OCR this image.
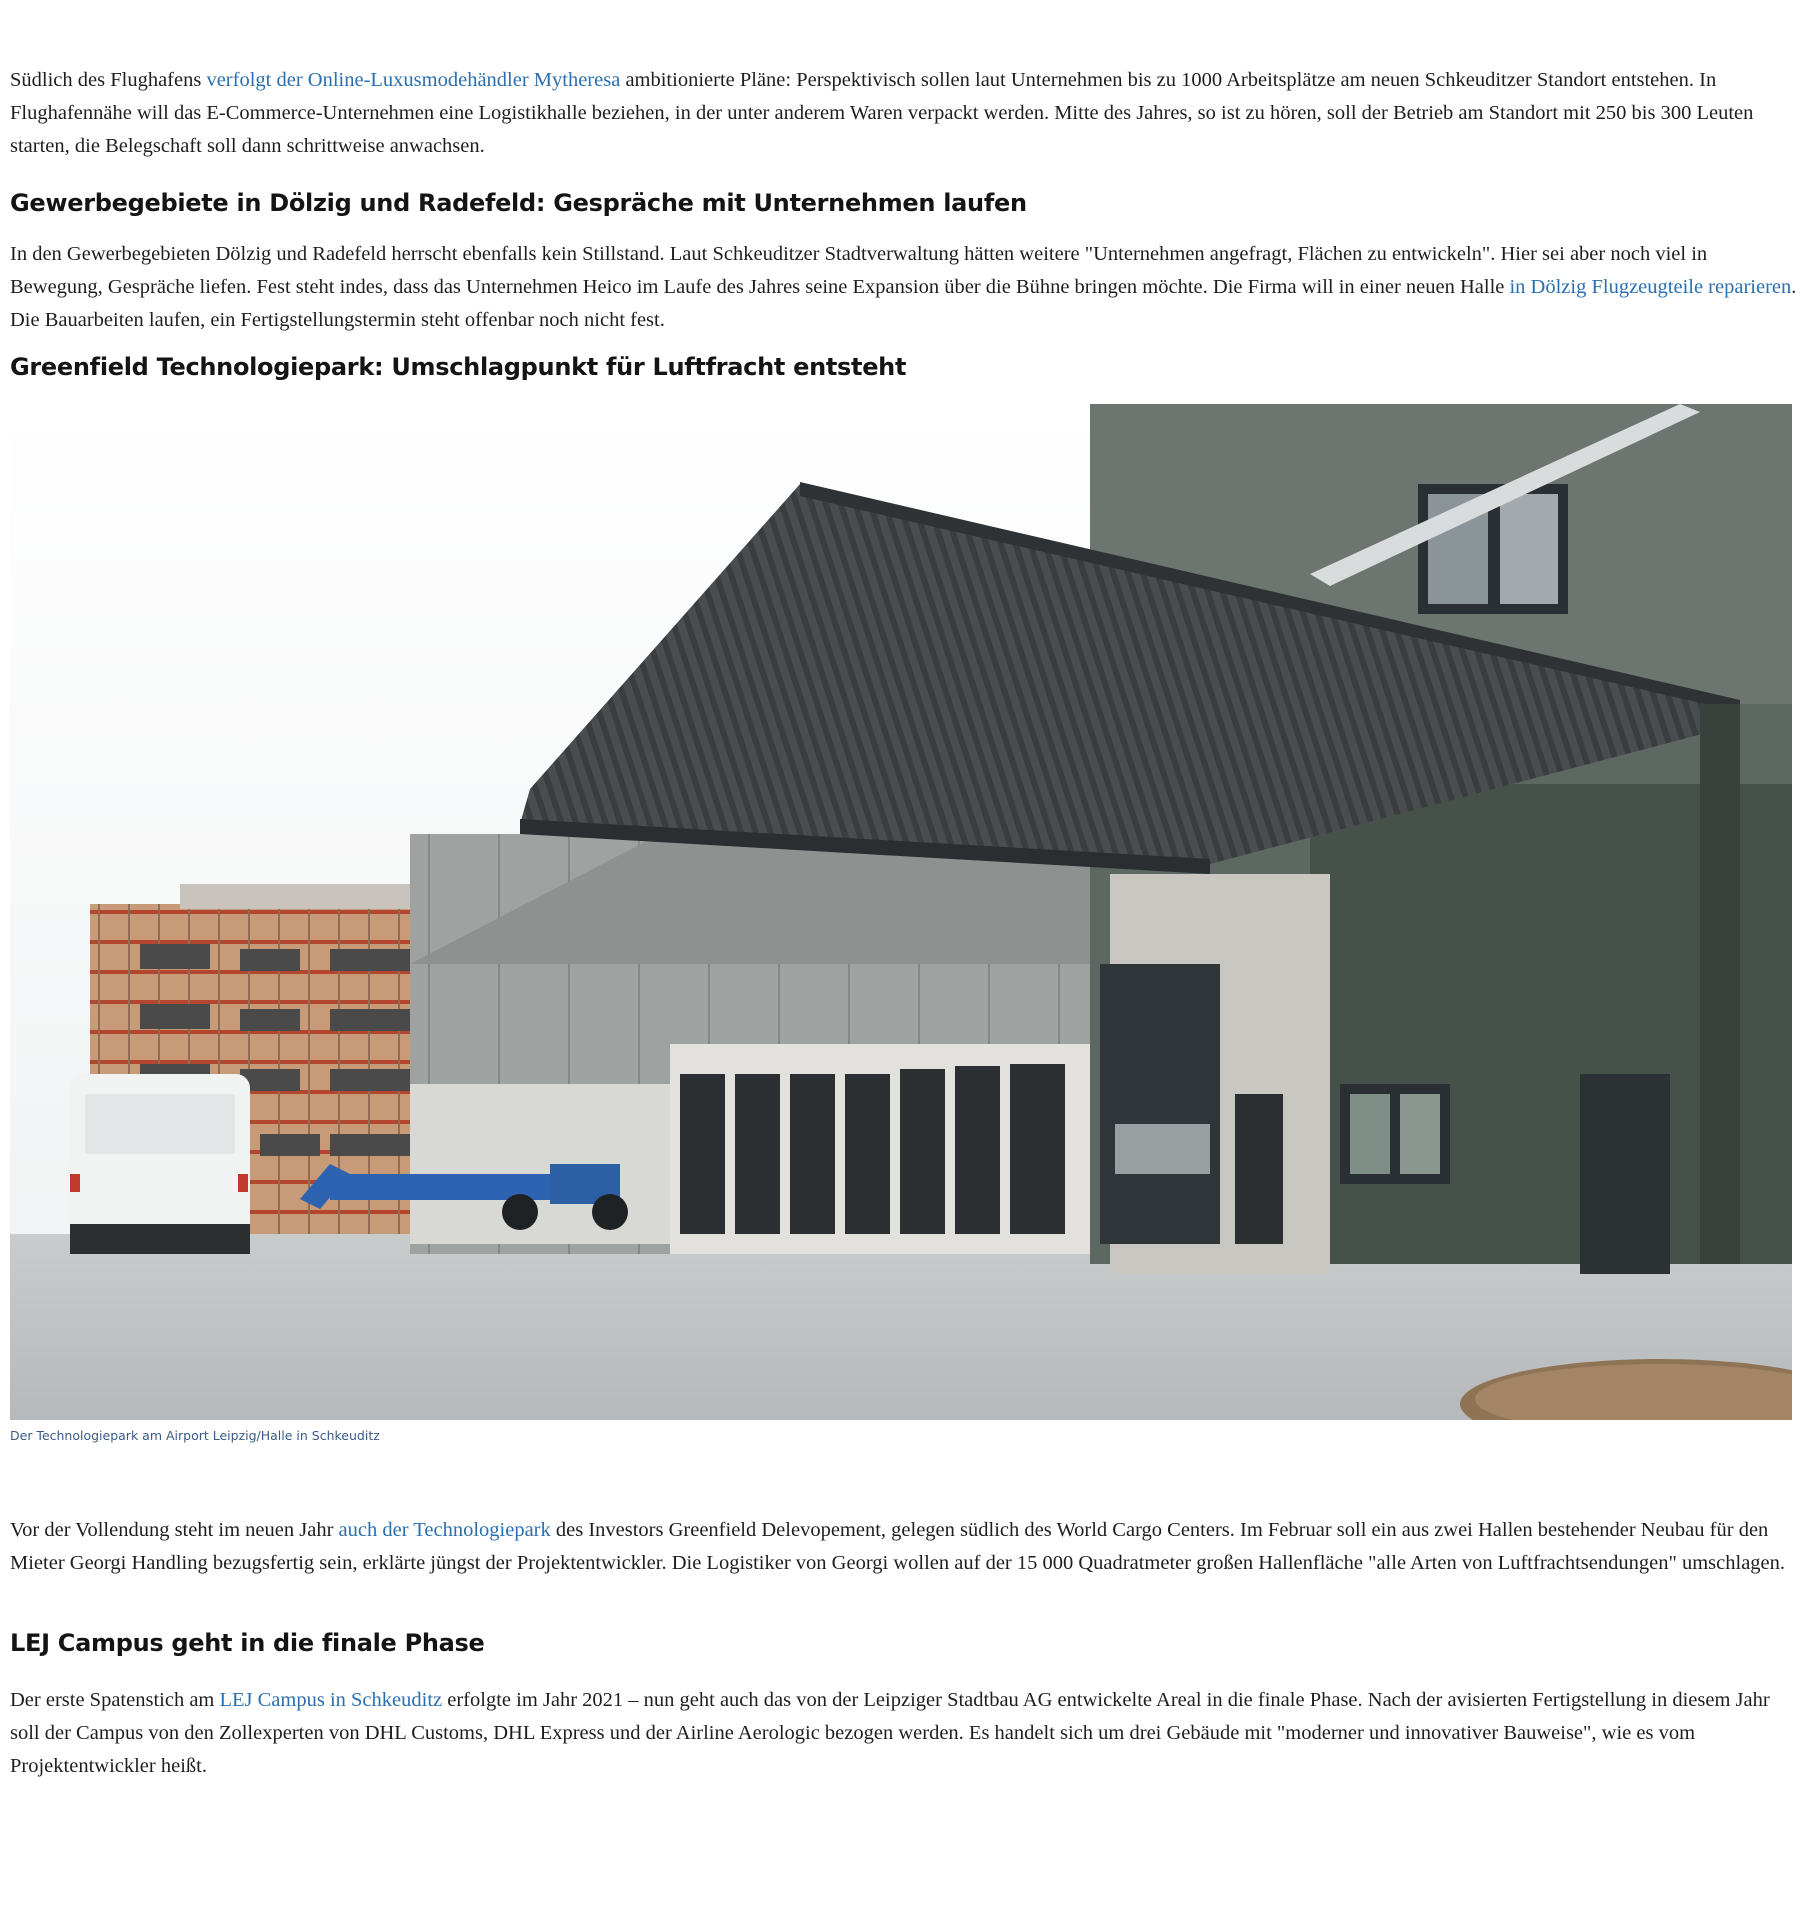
Südlich des Flughafens verfolgt der Online-Luxusmodehändler Mytheresa ambitionierte Pläne: Perspektivisch sollen laut Unternehmen bis zu 1000 Arbeitsplätze am neuen Schkeuditzer Standort entstehen. In Flughafennähe will das E-Commerce-Unternehmen eine Logistikhalle beziehen, in der unter anderem Waren verpackt werden. Mitte des Jahres, so ist zu hören, soll der Betrieb am Standort mit 250 bis 300 Leuten starten, die Belegschaft soll dann schrittweise anwachsen.

Gewerbegebiete in Dölzig und Radefeld: Gespräche mit Unternehmen laufen

In den Gewerbegebieten Dölzig und Radefeld herrscht ebenfalls kein Stillstand. Laut Schkeuditzer Stadtverwaltung hätten weitere "Unternehmen angefragt, Flächen zu entwickeln". Hier sei aber noch viel in Bewegung, Gespräche liefen. Fest steht indes, dass das Unternehmen Heico im Laufe des Jahres seine Expansion über die Bühne bringen möchte. Die Firma will in einer neuen Halle in Dölzig Flugzeugteile reparieren. Die Bauarbeiten laufen, ein Fertigstellungstermin steht offenbar noch nicht fest.

Greenfield Technologiepark: Umschlagpunkt für Luftfracht entsteht

Der Technologiepark am Airport Leipzig/Halle in Schkeuditz

Vor der Vollendung steht im neuen Jahr auch der Technologiepark des Investors Greenfield Delevopement, gelegen südlich des World Cargo Centers. Im Februar soll ein aus zwei Hallen bestehender Neubau für den Mieter Georgi Handling bezugsfertig sein, erklärte jüngst der Projektentwickler. Die Logistiker von Georgi wollen auf der 15 000 Quadratmeter großen Hallenfläche "alle Arten von Luftfrachtsendungen" umschlagen.

LEJ Campus geht in die finale Phase

Der erste Spatenstich am LEJ Campus in Schkeuditz erfolgte im Jahr 2021 – nun geht auch das von der Leipziger Stadtbau AG entwickelte Areal in die finale Phase. Nach der avisierten Fertigstellung in diesem Jahr soll der Campus von den Zollexperten von DHL Customs, DHL Express und der Airline Aerologic bezogen werden. Es handelt sich um drei Gebäude mit "moderner und innovativer Bauweise", wie es vom Projektentwickler heißt.
